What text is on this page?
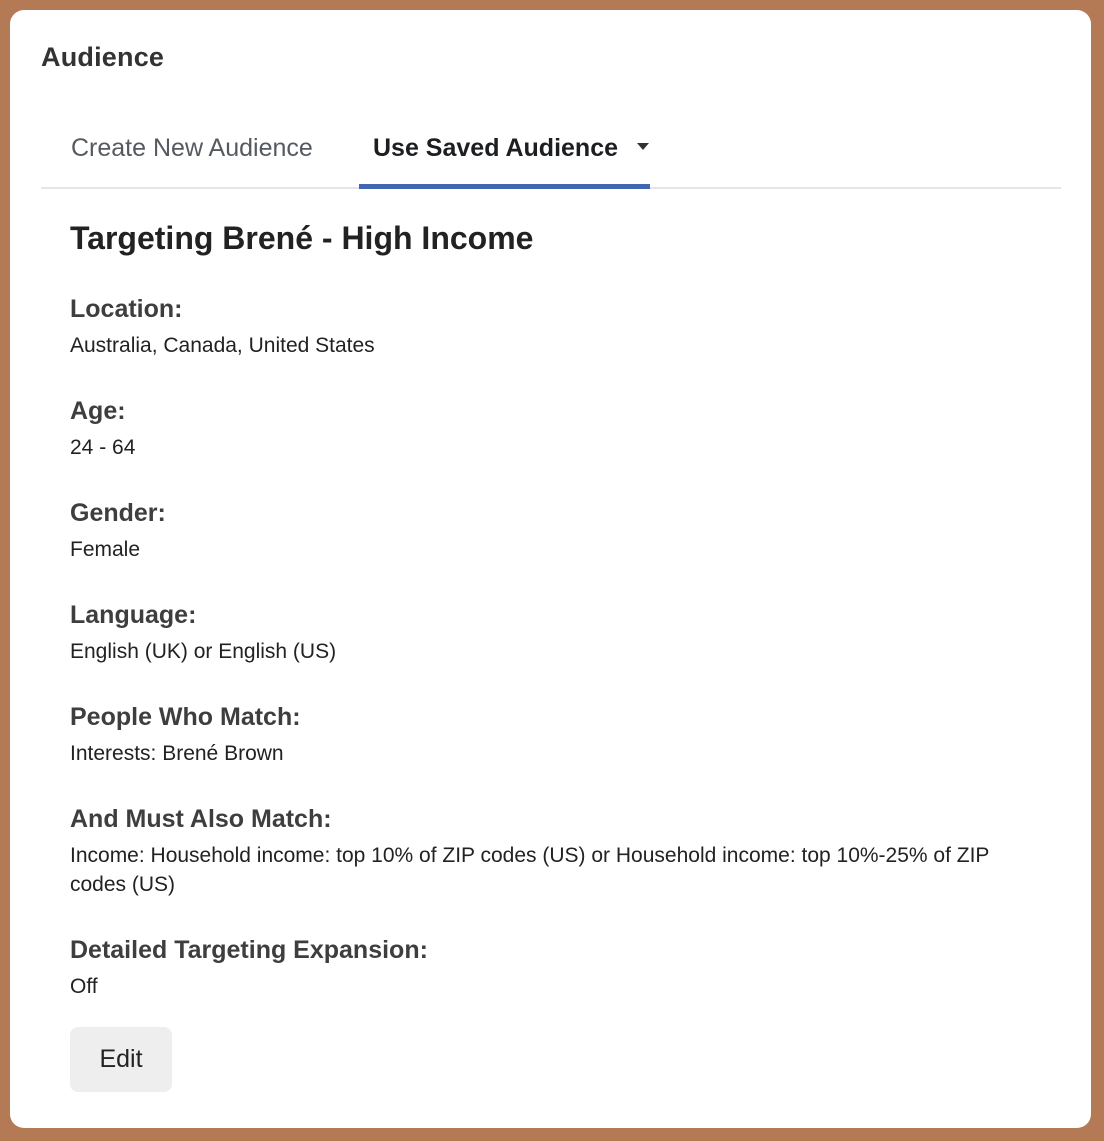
Audience
Create New Audience	Use Saved Audience
Targeting Brené - High Income
Location:
Australia, Canada, United States
Age:
24 - 64
Gender:
Female
Language:
English (UK) or English (US)
People Who Match:
Interests: Brené Brown
And Must Also Match:
Income: Household income: top 10% of ZIP codes (US) or Household income: top 10%-25% of ZIP codes (US)
Detailed Targeting Expansion:
Off
Edit
